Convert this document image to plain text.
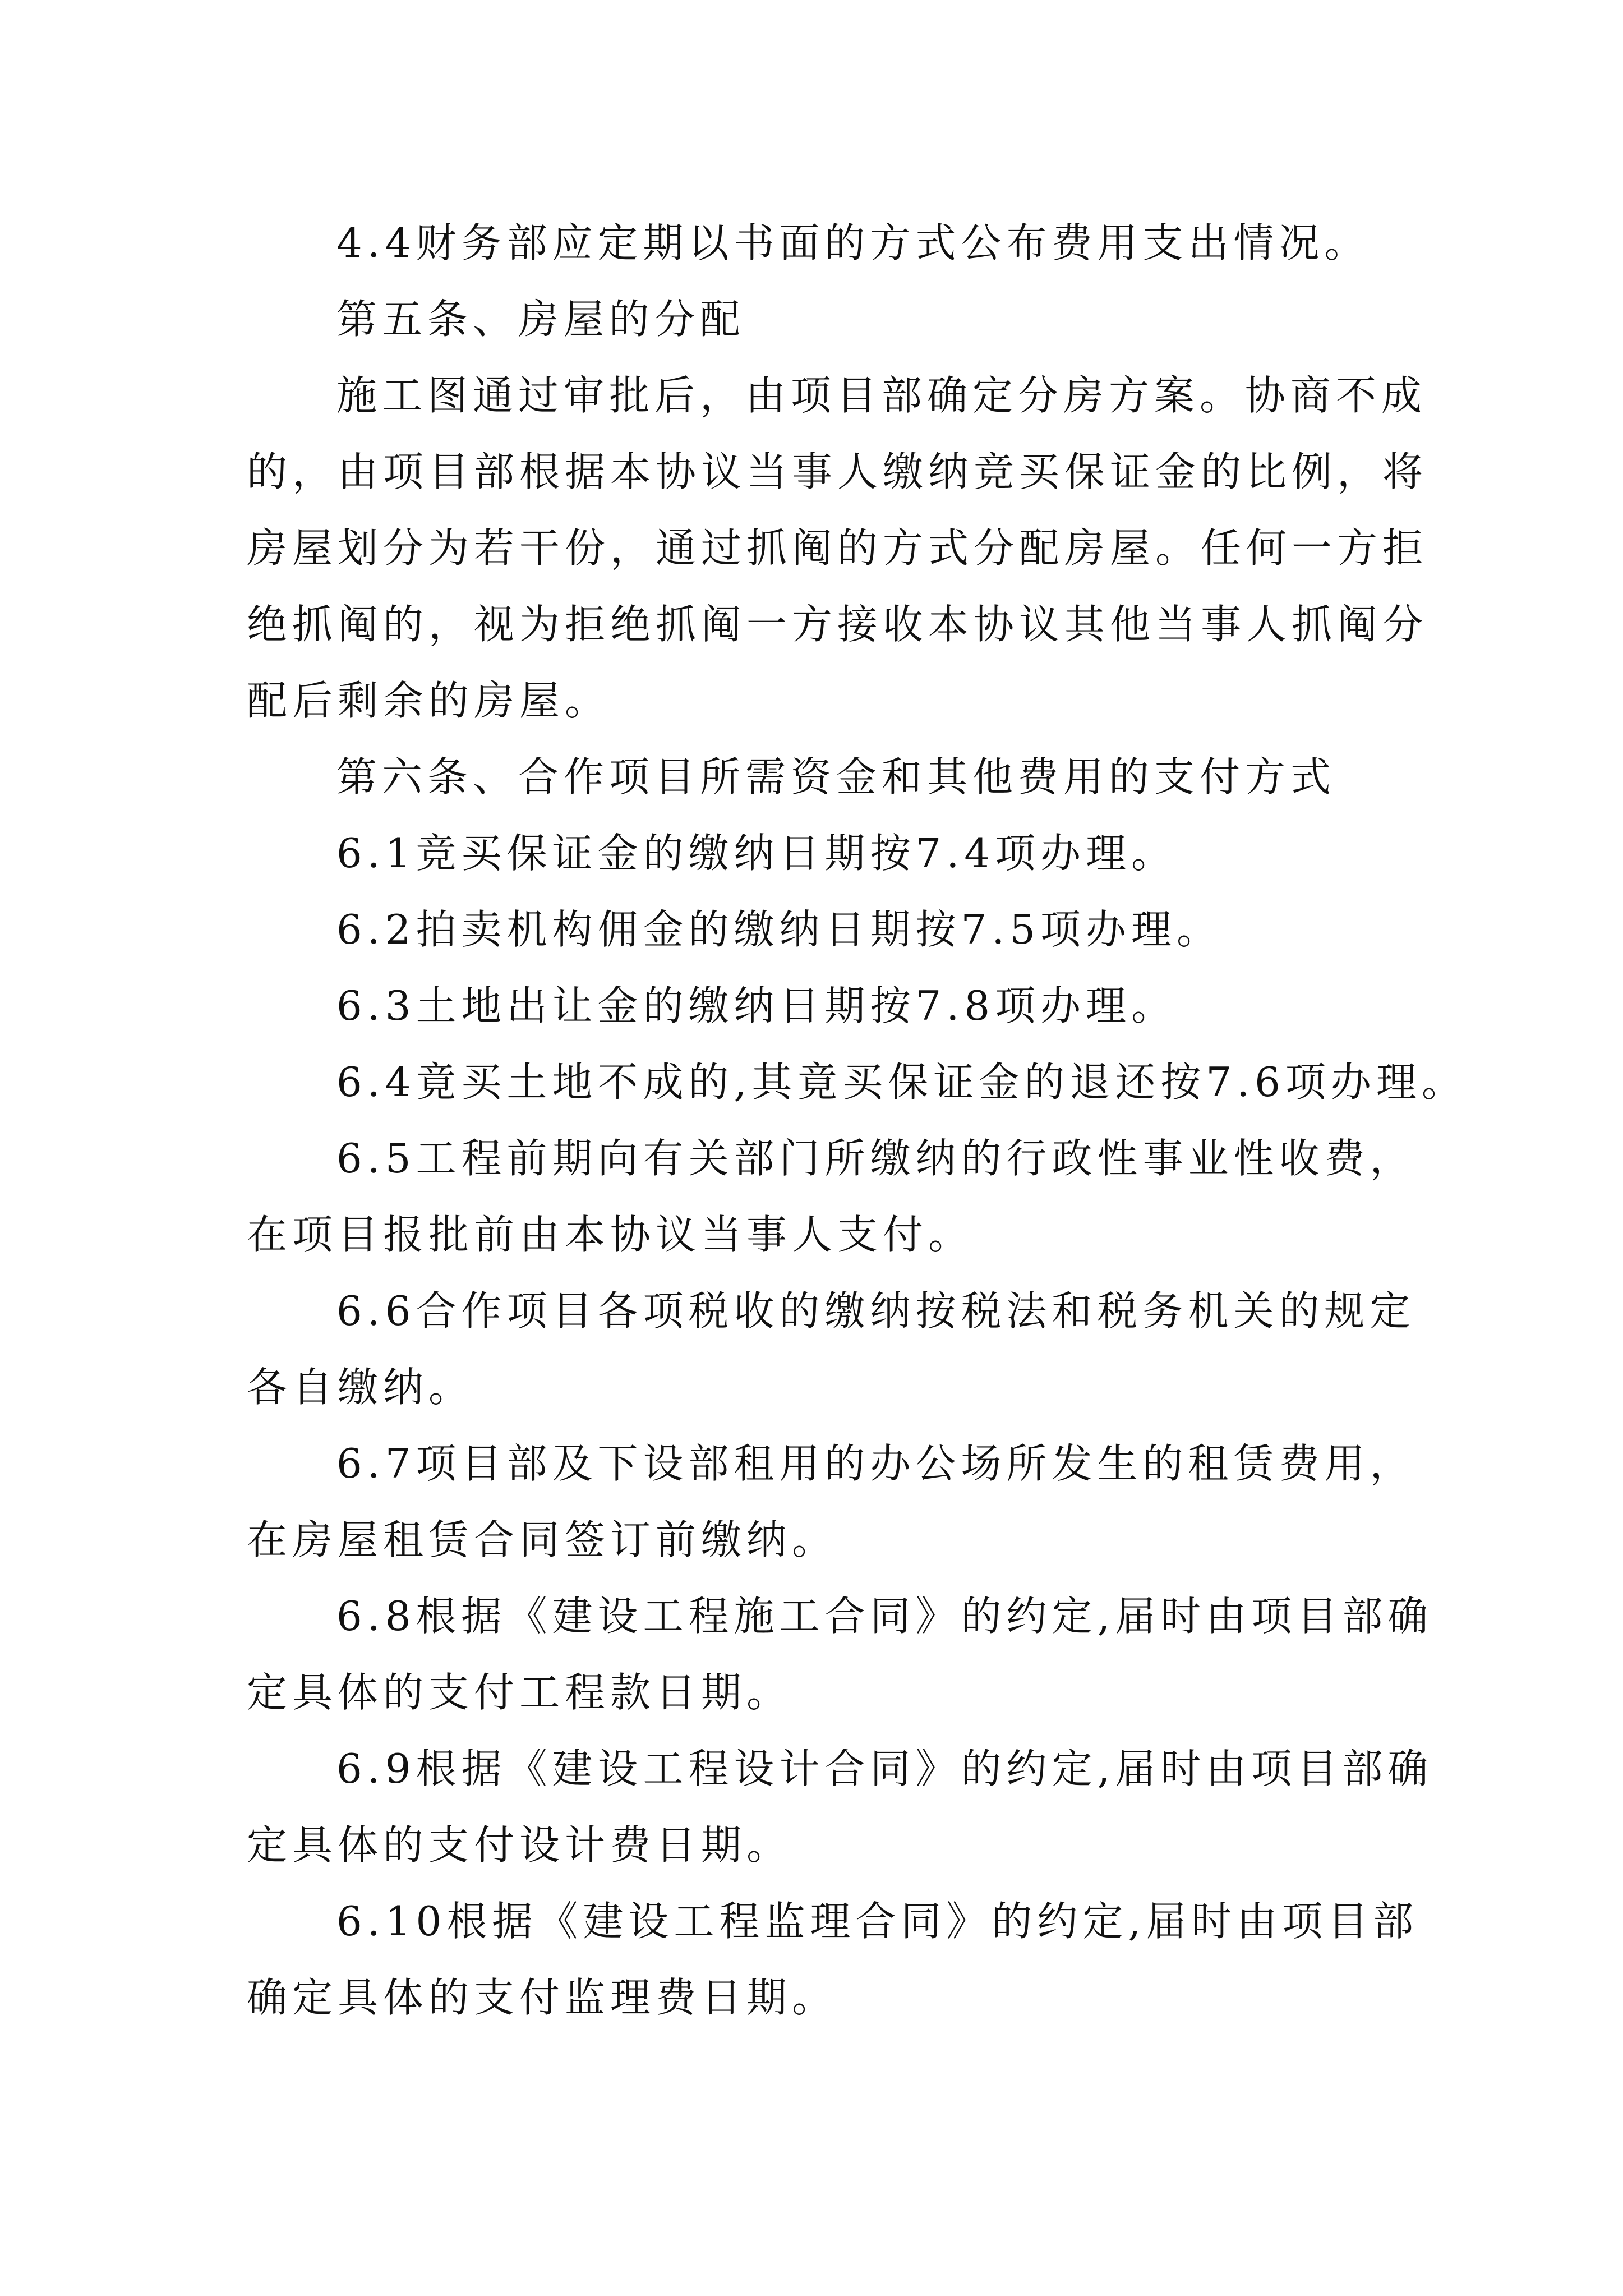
4.4财务部应定期以书面的方式公布费用支出情况。

第五条、房屋的分配

施工图通过审批后，由项目部确定分房方案。协商不成
的，由项目部根据本协议当事人缴纳竞买保证金的比例，将
房屋划分为若干份，通过抓阄的方式分配房屋。任何一方拒
绝抓阄的，视为拒绝抓阄一方接收本协议其他当事人抓阄分
配后剩余的房屋。

第六条、合作项目所需资金和其他费用的支付方式

6.1竞买保证金的缴纳日期按7.4项办理。

6.2拍卖机构佣金的缴纳日期按7.5项办理。

6.3土地出让金的缴纳日期按7.8项办理。

6.4竟买土地不成的,其竟买保证金的退还按7.6项办理。

6.5工程前期向有关部门所缴纳的行政性事业性收费，
在项目报批前由本协议当事人支付。

6.6合作项目各项税收的缴纳按税法和税务机关的规定
各自缴纳。

6.7项目部及下设部租用的办公场所发生的租赁费用，
在房屋租赁合同签订前缴纳。

6.8根据《建设工程施工合同》的约定,届时由项目部确
定具体的支付工程款日期。

6.9根据《建设工程设计合同》的约定,届时由项目部确
定具体的支付设计费日期。

6.10根据《建设工程监理合同》的约定,届时由项目部
确定具体的支付监理费日期。
